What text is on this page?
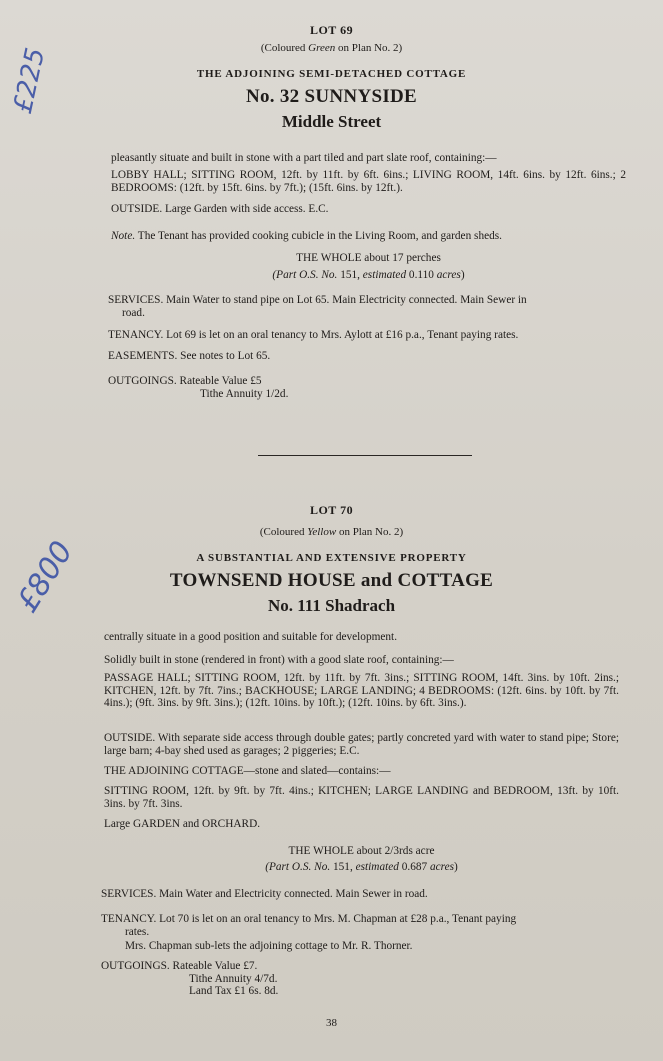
£225
£800
LOT 69
(Coloured Green on Plan No. 2)
THE ADJOINING SEMI-DETACHED COTTAGE
No. 32 SUNNYSIDE
Middle Street
pleasantly situate and built in stone with a part tiled and part slate roof, containing:—
LOBBY HALL; SITTING ROOM, 12ft. by 11ft. by 6ft. 6ins.; LIVING ROOM, 14ft. 6ins. by 12ft. 6ins.; 2 BEDROOMS: (12ft. by 15ft. 6ins. by 7ft.); (15ft. 6ins. by 12ft.).
OUTSIDE. Large Garden with side access. E.C.
Note. The Tenant has provided cooking cubicle in the Living Room, and garden sheds.
THE WHOLE about 17 perches
(Part O.S. No. 151, estimated 0.110 acres)
SERVICES. Main Water to stand pipe on Lot 65. Main Electricity connected. Main Sewer in
road.
TENANCY. Lot 69 is let on an oral tenancy to Mrs. Aylott at £16 p.a., Tenant paying rates.
EASEMENTS. See notes to Lot 65.
OUTGOINGS. Rateable Value £5
Tithe Annuity 1/2d.
LOT 70
(Coloured Yellow on Plan No. 2)
A SUBSTANTIAL AND EXTENSIVE PROPERTY
TOWNSEND HOUSE and COTTAGE
No. 111 Shadrach
centrally situate in a good position and suitable for development.
Solidly built in stone (rendered in front) with a good slate roof, containing:—
PASSAGE HALL; SITTING ROOM, 12ft. by 11ft. by 7ft. 3ins.; SITTING ROOM, 14ft. 3ins. by 10ft. 2ins.; KITCHEN, 12ft. by 7ft. 7ins.; BACKHOUSE; LARGE LANDING; 4 BEDROOMS: (12ft. 6ins. by 10ft. by 7ft. 4ins.); (9ft. 3ins. by 9ft. 3ins.); (12ft. 10ins. by 10ft.); (12ft. 10ins. by 6ft. 3ins.).
OUTSIDE. With separate side access through double gates; partly concreted yard with water to stand pipe; Store; large barn; 4-bay shed used as garages; 2 piggeries; E.C.
THE ADJOINING COTTAGE—stone and slated—contains:—
SITTING ROOM, 12ft. by 9ft. by 7ft. 4ins.; KITCHEN; LARGE LANDING and BEDROOM, 13ft. by 10ft. 3ins. by 7ft. 3ins.
Large GARDEN and ORCHARD.
THE WHOLE about 2/3rds acre
(Part O.S. No. 151, estimated 0.687 acres)
SERVICES. Main Water and Electricity connected. Main Sewer in road.
TENANCY. Lot 70 is let on an oral tenancy to Mrs. M. Chapman at £28 p.a., Tenant paying
rates.
Mrs. Chapman sub-lets the adjoining cottage to Mr. R. Thorner.
OUTGOINGS. Rateable Value £7.
Tithe Annuity 4/7d.
Land Tax £1 6s. 8d.
38
